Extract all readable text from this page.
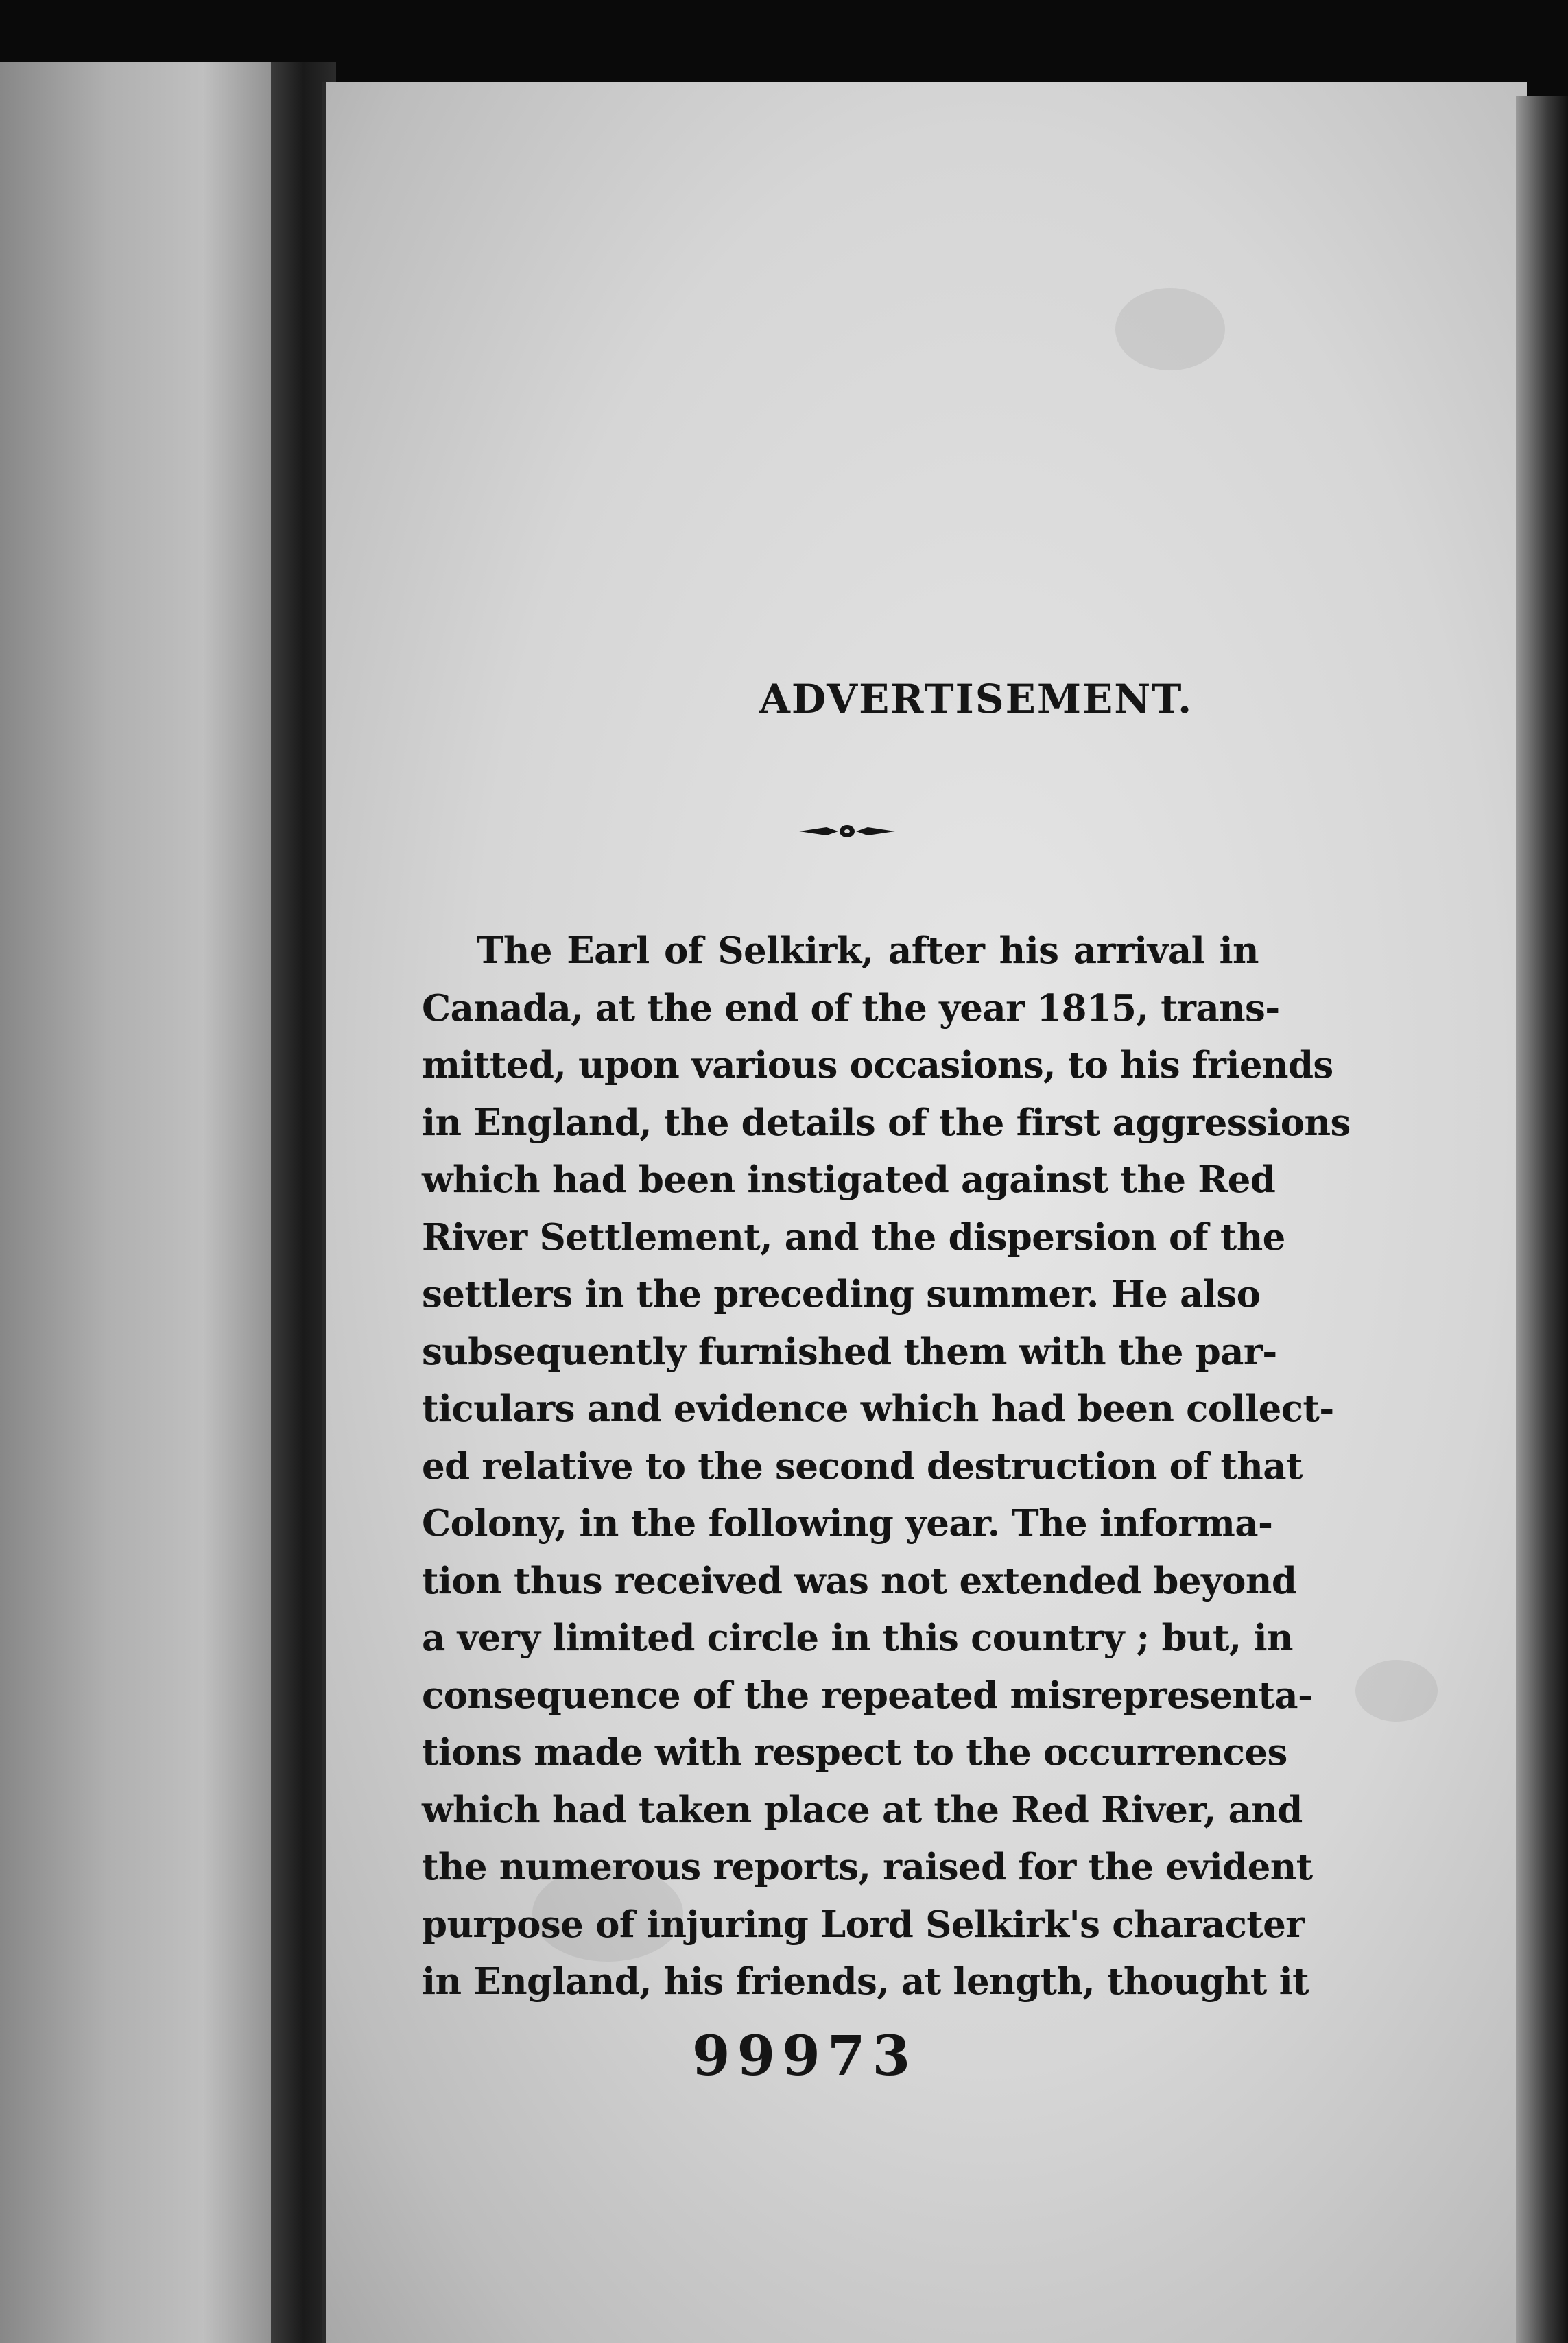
ADVERTISEMENT.
The Earl of Selkirk, after his arrival in
Canada, at the end of the year 1815, trans-
mitted, upon various occasions, to his friends
in England, the details of the first aggressions
which had been instigated against the Red
River Settlement, and the dispersion of the
settlers in the preceding summer. He also
subsequently furnished them with the par-
ticulars and evidence which had been collect-
ed relative to the second destruction of that
Colony, in the following year. The informa-
tion thus received was not extended beyond
a very limited circle in this country ; but, in
consequence of the repeated misrepresenta-
tions made with respect to the occurrences
which had taken place at the Red River, and
the numerous reports, raised for the evident
purpose of injuring Lord Selkirk's character
in England, his friends, at length, thought it
99973
